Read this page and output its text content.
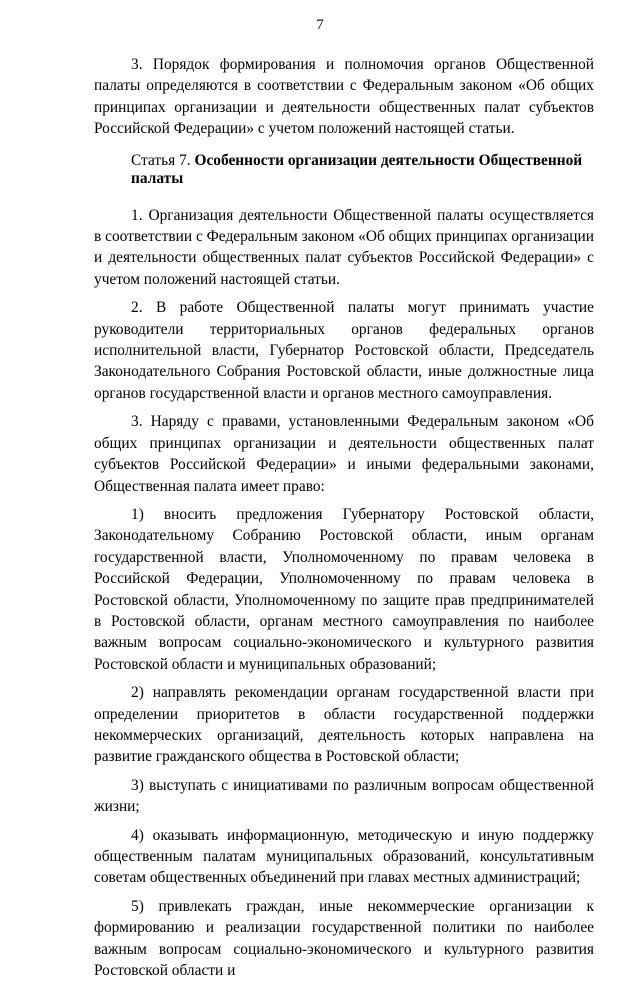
7

3. Порядок формирования и полномочия органов Общественной палаты определяются в соответствии с Федеральным законом «Об общих принципах организации и деятельности общественных палат субъектов Российской Федерации» с учетом положений настоящей статьи.

Статья 7. Особенности организации деятельности Общественной палаты

1. Организация деятельности Общественной палаты осуществляется в соответствии с Федеральным законом «Об общих принципах организации и деятельности общественных палат субъектов Российской Федерации» с учетом положений настоящей статьи.

2. В работе Общественной палаты могут принимать участие руководители территориальных органов федеральных органов исполнительной власти, Губернатор Ростовской области, Председатель Законодательного Собрания Ростовской области, иные должностные лица органов государственной власти и органов местного самоуправления.

3. Наряду с правами, установленными Федеральным законом «Об общих принципах организации и деятельности общественных палат субъектов Российской Федерации» и иными федеральными законами, Общественная палата имеет право:

1) вносить предложения Губернатору Ростовской области, Законодательному Собранию Ростовской области, иным органам государственной власти, Уполномоченному по правам человека в Российской Федерации, Уполномоченному по правам человека в Ростовской области, Уполномоченному по защите прав предпринимателей в Ростовской области, органам местного самоуправления по наиболее важным вопросам социально-экономического и культурного развития Ростовской области и муниципальных образований;

2) направлять рекомендации органам государственной власти при определении приоритетов в области государственной поддержки некоммерческих организаций, деятельность которых направлена на развитие гражданского общества в Ростовской области;

3) выступать с инициативами по различным вопросам общественной жизни;

4) оказывать информационную, методическую и иную поддержку общественным палатам муниципальных образований, консультативным советам общественных объединений при главах местных администраций;

5) привлекать граждан, иные некоммерческие организации к формированию и реализации государственной политики по наиболее важным вопросам социально-экономического и культурного развития Ростовской области и
